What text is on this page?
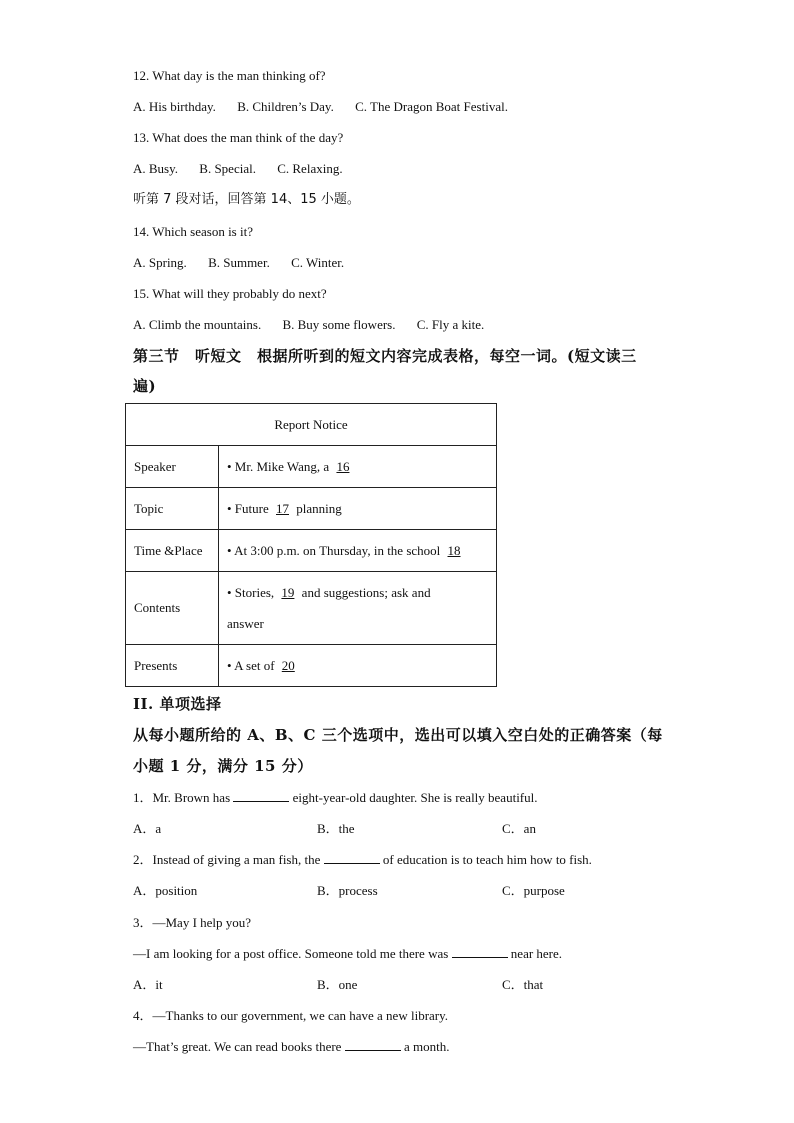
12. What day is the man thinking of?
A. His birthday. B. Children’s Day. C. The Dragon Boat Festival.
13. What does the man think of the day?
A. Busy. B. Special. C. Relaxing.
听第 7 段对话，回答第 14、15 小题。
14. Which season is it?
A. Spring. B. Summer. C. Winter.
15. What will they probably do next?
A. Climb the mountains. B. Buy some flowers. C. Fly a kite.
第三节　听短文　根据所听到的短文内容完成表格，每空一词。(短文读三
遍)
Report Notice	
Speaker	• Mr. Mike Wang, a 16
Topic	• Future 17 planning
Time &Place	• At 3:00 p.m. on Thursday, in the school 18
Contents	• Stories, 19 and suggestions; ask and
answer
Presents	• A set of 20
II. 单项选择
从每小题所给的 A、B、C 三个选项中，选出可以填入空白处的正确答案（每
小题 1 分，满分 15 分）
1．Mr. Brown has	eight-year-old daughter. She is really beautiful.
A．a	B．the	C．an
2．Instead of giving a man fish, the	of education is to teach him how to fish.
A．position	B．process	C．purpose
3．—May I help you?
—I am looking for a post office. Someone told me there was	near here.
A．it	B．one	C．that
4．—Thanks to our government, we can have a new library.
—That’s great. We can read books there	a month.
